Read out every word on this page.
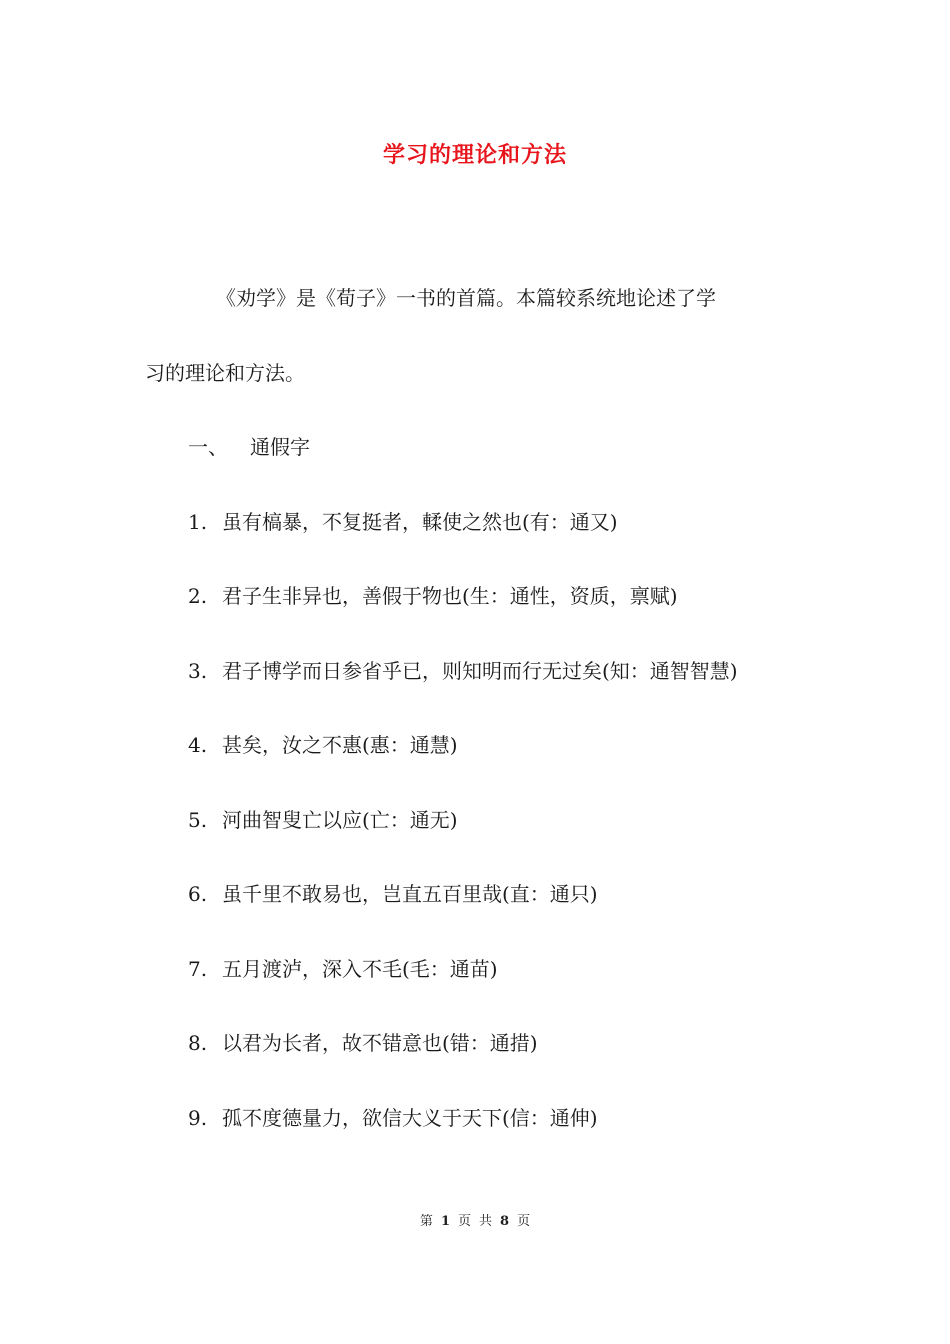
学习的理论和方法
《劝学》是《荀子》一书的首篇。本篇较系统地论述了学
习的理论和方法。
一、 通假字
1. 虽有槁暴，不复挺者，輮使之然也(有：通又)
2. 君子生非异也，善假于物也(生：通性，资质，禀赋)
3. 君子博学而日参省乎已，则知明而行无过矣(知：通智智慧)
4. 甚矣，汝之不惠(惠：通慧)
5. 河曲智叟亡以应(亡：通无)
6. 虽千里不敢易也，岂直五百里哉(直：通只)
7. 五月渡泸，深入不毛(毛：通苗)
8. 以君为长者，故不错意也(错：通措)
9. 孤不度德量力，欲信大义于天下(信：通伸)
第 1 页 共 8 页
